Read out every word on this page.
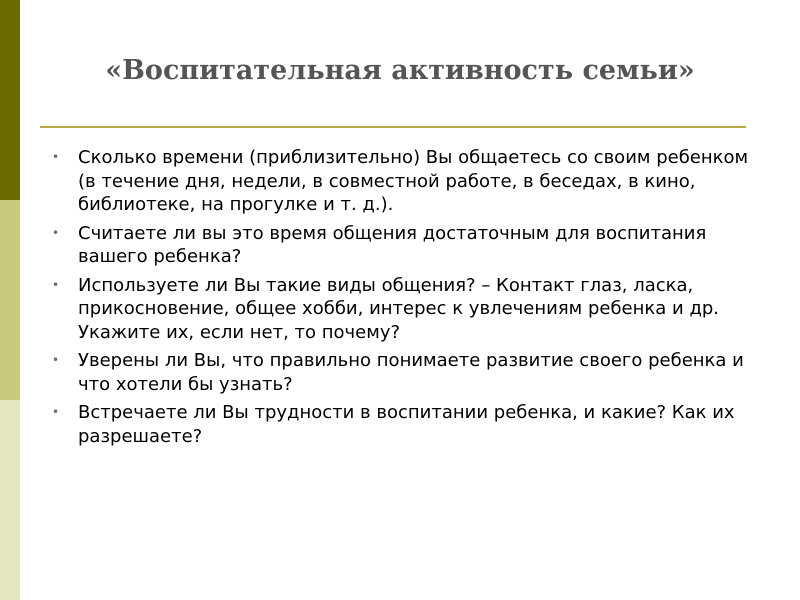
«Воспитательная активность семьи»
• Сколько времени (приблизительно) Вы общаетесь со своим ребенком (в течение дня, недели, в совместной работе, в беседах, в кино, библиотеке, на прогулке и т. д.).
• Считаете ли вы это время общения достаточным для воспитания вашего ребенка?
• Используете ли Вы такие виды общения? – Контакт глаз, ласка, прикосновение, общее хобби, интерес к увлечениям ребенка и др. Укажите их, если нет, то почему?
• Уверены ли Вы, что правильно понимаете развитие своего ребенка и что хотели бы узнать?
• Встречаете ли Вы трудности в воспитании ребенка, и какие? Как их разрешаете?
